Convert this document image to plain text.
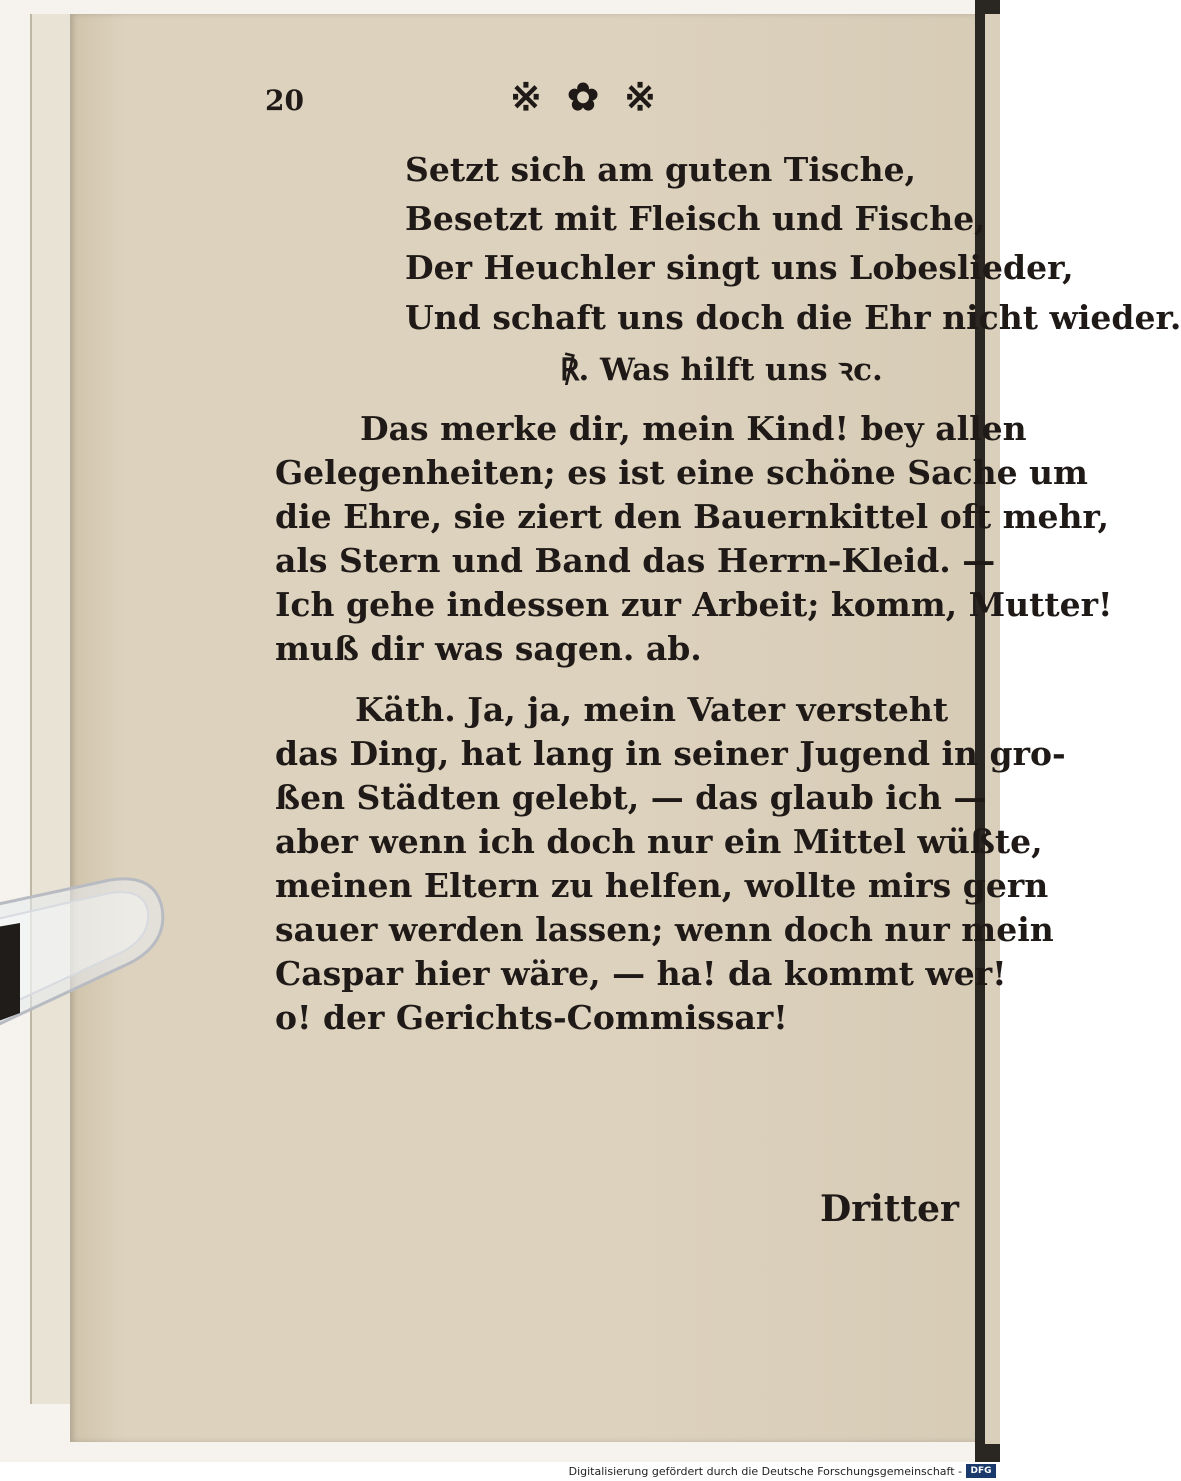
20	※ ✿ ※
Setzt sich am guten Tische,
Besetzt mit Fleisch und Fische,
Der Heuchler singt uns Lobeslieder,
Und schaft uns doch die Ehr nicht wieder.
℟. Was hilft uns ꝛc.
Das merke dir, mein Kind! bey allen
Gelegenheiten; es ist eine schöne Sache um
die Ehre, sie ziert den Bauernkittel oft mehr,
als Stern und Band das Herrn-Kleid. —
Ich gehe indessen zur Arbeit; komm, Mutter!
muß dir was sagen. ab.
Käth. Ja, ja, mein Vater versteht
das Ding, hat lang in seiner Jugend in gro-
ßen Städten gelebt, — das glaub ich —
aber wenn ich doch nur ein Mittel wüßte,
meinen Eltern zu helfen, wollte mirs gern
sauer werden lassen; wenn doch nur mein
Caspar hier wäre, — ha! da kommt wer!
o! der Gerichts-Commissar!
Dritter
Digitalisierung gefördert durch die Deutsche Forschungsgemeinschaft - DFG
